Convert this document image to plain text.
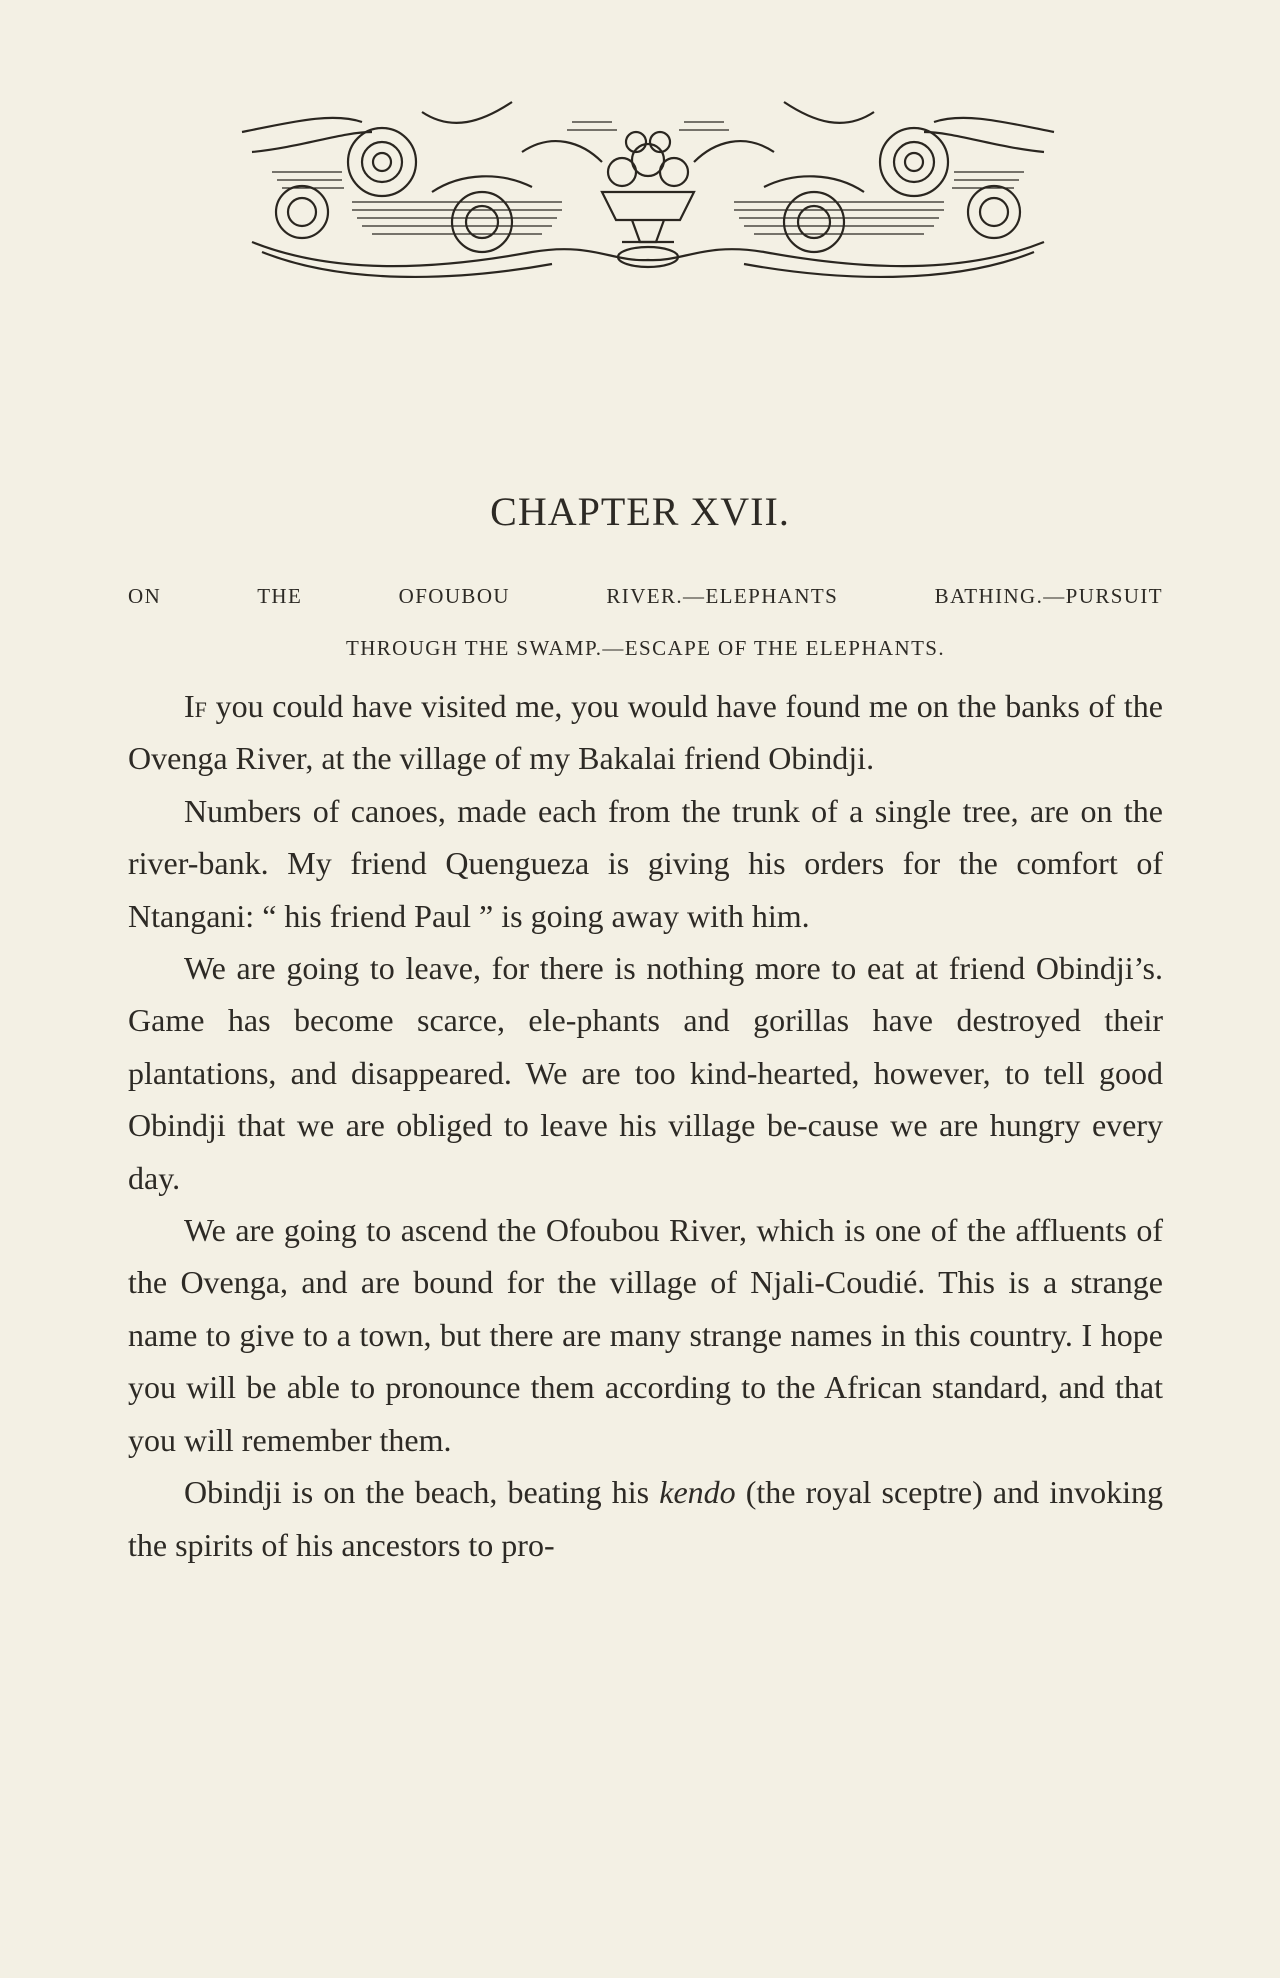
CHAPTER XVII.
ON THE OFOUBOU RIVER.—ELEPHANTS BATHING.—PURSUIT
THROUGH THE SWAMP.—ESCAPE OF THE ELEPHANTS.

If you could have visited me, you would have found me on the banks of the Ovenga River, at the village of my Bakalai friend Obindji.

Numbers of canoes, made each from the trunk of a single tree, are on the river-bank. My friend Quengueza is giving his orders for the comfort of Ntangani: “ his friend Paul ” is going away with him.

We are going to leave, for there is nothing more to eat at friend Obindji’s. Game has become scarce, ele-phants and gorillas have destroyed their plantations, and disappeared. We are too kind-hearted, however, to tell good Obindji that we are obliged to leave his village be-cause we are hungry every day.

We are going to ascend the Ofoubou River, which is one of the affluents of the Ovenga, and are bound for the village of Njali-Coudié. This is a strange name to give to a town, but there are many strange names in this country. I hope you will be able to pronounce them according to the African standard, and that you will remember them.

Obindji is on the beach, beating his kendo (the royal sceptre) and invoking the spirits of his ancestors to pro-
